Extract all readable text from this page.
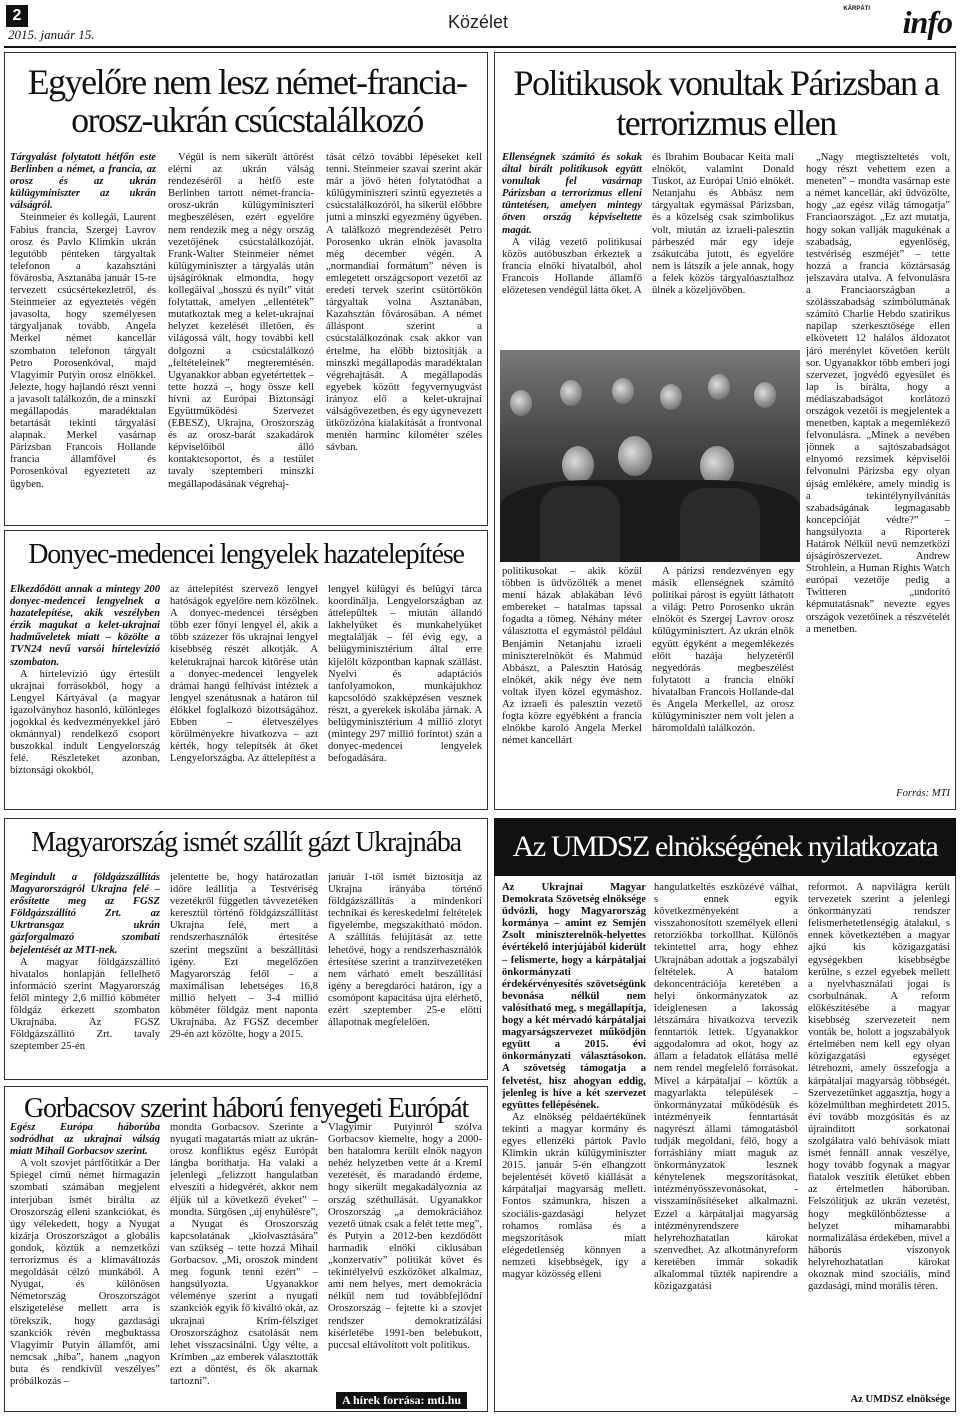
2
2015. január 15.
Közélet
KÁRPÁTI info
Egyelőre nem lesz német-francia-orosz-ukrán csúcstalálkozó
Tárgyalást folytatott hétfőn este Berlinben a német, a francia, az orosz és az ukrán külügyminiszter az ukrán válságról.

Steinmeier és kollegái, Laurent Fabius francia, Szergej Lavrov orosz és Pavlo Klimkin ukrán legutóbb pénteken tárgyaltak telefonon a kazahsztáni fővárosba, Asztanába január 15-re tervezett csúcsértekezletről, és Steinmeier az egyeztetés végén javasolta, hogy személyesen tárgyaljanak tovább. Angela Merkel német kancellár szombaton telefonon tárgyalt Petro Porosenkóval, majd Vlagyimir Putyin orosz elnökkel. Jelezte, hogy hajlandó részt venni a javasolt találkozón, de a minszki megállapodás maradéktalan betartását tekinti tárgyalási alapnak. Merkel vasárnap Párizsban Francois Hollande francia államfővel és Porosenkóval egyeztetett az ügyben.

Végül is nem sikerült áttörést elérni az ukrán válság rendezéséről a hétfő este Berlinben tartott német-francia-orosz-ukrán külügyminiszteri megbeszélésen, ezért egyelőre nem rendezik meg a négy ország vezetőjének csúcstalálkozóját. Frank-Walter Steinmeier német külügyminiszter a tárgyalás után újságíróknak elmondta, hogy kollegáival „hosszú és nyílt” vitát folytattak, amelyen „ellentétek” mutatkoztak meg a kelet-ukrajnai helyzet kezelését illetően, és világossá vált, hogy további kell dolgozni a csúcstalálkozó „feltételeinek” megteremtésén. Ugyanakkor abban egyetértettek – tette hozzá –, hogy össze kell hívni az Európai Biztonsági Együttműködési Szervezet (EBESZ), Ukrajna, Oroszország és az orosz-barát szakadárok képviselőiből álló kontaktcsoportot, és a testület tavaly szeptemberi minszki megállapodásának végrehaj-

tását célzó további lépéseket kell tenni. Steinmeier szavai szerint akár már a jövő héten folytatódhat a külügyminiszteri szintű egyeztetés a csúcstalálkozóról, ha sikerül előbbre jutni a minszki egyezmény ügyében. A találkozó megrendezését Petro Porosenko ukrán elnök javasolta még december végén. A „normandiai formátum” néven is emlegetett országcsoport vezetői az eredeti tervek szerint csütörtökön tárgyaltak volna Asztanában, Kazahsztán fővárosában. A német álláspont szerint a csúcstalálkozónak csak akkor van értelme, ha előbb biztosítják a minszki megállapodás maradéktalan végrehajtását. A megállapodás egyebek között fegyvernyugvást irányoz elő a kelet-ukrajnai válságövezetben, és egy úgynevezett ütközőzóna kialakítását a frontvonal mentén harminc kilométer széles sávban.

Politikusok vonultak Párizsban a terrorizmus ellen
Ellenségnek számító és sokak által bírált politikusok együtt vonultak fel vasárnap Párizsban a terrorizmus elleni tüntetésen, amelyen mintegy ötven ország képviseltette magát.

A világ vezető politikusai közös autóbuszban érkeztek a francia elnöki hivatalból, ahol Francois Hollande államfő előzetesen vendégül látta őket. A

és Ibrahim Boubacar Keita mali elnököt, valamint Donald Tuskot, az Európai Unió elnökét. Netanjahu és Abbász nem tárgyaltak egymással Párizsban, és a közelség csak szimbolikus volt, miután az izraeli-palesztin párbeszéd már egy ideje zsákutcába jutott, és egyelőre nem is látszik a jele annak, hogy a felek közös tárgyalóasztalhoz ülnek a közeljövőben.

politikusokat – akik közül többen is üdvözölték a menet mentí házak ablakában lévő embereket – hatalmas tapssal fogadta a tömeg. Néhány méter választotta el egymástól például Benjámin Netanjahu izraeli miniszterelnököt és Mahmúd Abbászt, a Palesztin Hatóság elnökét, akik négy éve nem voltak ilyen közel egymáshoz. Az izraeli és palesztin vezető fogta közre egyébként a francia elnökbe karoló Angela Merkel német kancellárt

A párizsi rendezvényen egy másik ellenségnek számító politikai párost is együtt láthatott a világ: Petro Porosenko ukrán elnököt és Szergej Lavrov orosz külügyminisztert. Az ukrán elnök együtt égyként a megemlékezés előtt hazája helyzetéről negyedórás megbeszélést folytatott a francia elnöki hivatalban Francois Hollande-dal és Angela Merkellel, az orosz külügyminiszter nem volt jelen a háromoldalú találkozón.

„Nagy megtiszteltetés volt, hogy részt vehettem ezen a meneten” – mondta vasárnap este a német kancellár, aki üdvözölte, hogy „az egész világ támogatja” Franciaországot. „Ez azt mutatja, hogy sokan vallják magukénak a szabadság, egyenlőség, testvériség eszméjét” – tette hozzá a francia köztársaság jelszavára utalva. A felvonulásra a Franciaországban a szólásszabadság szimbólumának számító Charlie Hebdo szatirikus napilap szerkesztősége ellen elkövetett 12 halálos áldozatot járó merénylet követően került sor. Ugyanakkor több emberi jogi szervezet, jogvédő egyesület és lap is bírálta, hogy a médiaszabadságot korlátozó országok vezetői is megjelentek a menetben, kaptak a megemlékező felvonulásra. „Minek a nevében jönnek a sajtószabadságot elnyomó rezsimek képviselői felvonulni Párizsba egy olyan újság emlékére, amely mindig is a tekintélynyilvánítás szabadságának legmagasabb koncepcióját védte?” – hangsúlyozta a Riporterek Határok Nélkül nevű nemzetközi újságírószervezet. Andrew Strohlein, a Human Rights Watch európai vezetője pedig a Twitteren „undorító képmutatásnak” nevezte egyes országok vezetőinek a részvételét a menetben.

Forrás: MTI
Donyec-medencei lengyelek hazatelepítése
Elkezdődött annak a mintegy 200 donyec-medencei lengyelnek a hazatelepítése, akik veszélyben érzik magukat a kelet-ukrajnai hadműveletek miatt – közölte a TVN24 nevű varsói hírtelevízió szombaton.

A hírtelevízió úgy értesült ukrajnai forrásokból, hogy a Lengyel Kártyával (a magyar igazolványhoz hasonló, különleges jogokkal és kedvezményekkel járó okmánnyal) rendelkező csoport buszokkal indult Lengyelország felé. Részleteket azonban, biztonsági okokból,

az áttelepítést szervező lengyel hatóságok egyelőre nem közölnek. A donyec-medencei térségben több ezer főnyi lengyel él, akik a több százezer fős ukrajnai lengyel kisebbség részét alkotják. A keletukrajnai harcok kitörése után a donyec-medencei lengyelek drámai hangú felhívást intéztek a lengyel szenátusnak a határon túl élőkkel foglalkozó bizottságához. Ebben – életveszélyes körülményekre hivatkozva – azt kérték, hogy telepítsék át őket Lengyelországba. Az áttelepítést a

lengyel külügyi és belügyi tárca koordinálja. Lengyelországban az áttelepültek – miután állandó lakhelyüket és munkahelyüket megtalálják – fél évig egy, a belügyminisztérium által erre kijelölt központban kapnak szállást. Nyelvi és adaptációs tanfolyamokon, munkájukhoz kapcsolódó szakképzésen vesznek részt, a gyerekek iskolába járnak. A belügyminisztérium 4 millió zlotyt (mintegy 297 millió forintot) szán a donyec-medencei lengyelek befogadására.

Magyarország ismét szállít gázt Ukrajnába
Megindult a földgázszállítás Magyarországról Ukrajna felé – erősítette meg az FGSZ Földgázszállító Zrt. az Ukrtransgaz ukrán gázforgalmazó szombati bejelentését az MTI-nek.

A magyar földgázszállító hivatalos honlapján fellelhető információ szerint Magyarország felől mintegy 2,6 millió köbméter földgáz érkezett szombaton Ukrajnába. Az FGSZ Földgázszállító Zrt. tavaly szeptember 25-én

jelentette be, hogy határozatlan időre leállítja a Testvériség vezetékről független távvezetéken keresztül történő földgázszállítást Ukrajna felé, mert a rendszerhasználók értesítése szerint megszűnt a beszállítási igény. Ezt megelőzően Magyarország felől – a maximálisan lehetséges 16,8 millió helyett – 3-4 millió köbméter földgáz ment naponta Ukrajnába. Az FGSZ december 29-én azt közölte, hogy a 2015.

január 1-től ismét biztosítja az Ukrajna irányába történő földgázszállítás a mindenkori technikai és kereskedelmi feltételek figyelembe, megszakítható módon. A szállítás felújítását az tette lehetővé, hogy a rendszerhasználók értesítése szerint a tranzitvezetéken nem várható emelt beszállítási igény a beregdaróci határon, így a csomópont kapacitása újra elérhető, ezért szeptember 25-e előtti állapotnak megfelelően.

Gorbacsov szerint háború fenyegeti Európát
Egész Európa háborúba sodródhat az ukrajnai válság miatt Mihail Gorbacsov szerint.

A volt szovjet pártfőtitkár a Der Spiegel című német hírmagazin szombati számában megjelent interjúban ismét bírálta az Oroszország elleni szankciókat, és úgy vélekedett, hogy a Nyugat kizárja Oroszországot a globális gondok, köztük a nemzetközi terrorizmus és a klímaváltozás megoldását célzó munkából. A Nyugat, és különösen Németország Oroszországot elszigetelése mellett arra is törekszik, hogy gazdasági szankciók révén megbuktassa Vlagyimir Putyin államfőt, ami nemcsak „hiba”, hanem „nagyon buta és rendkívül veszélyes” próbálkozás –

mondta Gorbacsov. Szerinte a nyugati magatartás miatt az ukrán-orosz konfliktus egész Európát lángba boríthatja. Ha valaki a jelenlegi „felizzott hangulatban elveszíti a hidegvérét, akkor nem éljük túl a következő éveket” – mondta. Sürgősen „új enyhülésre”, a Nyugat és Oroszország kapcsolatának „kiolvasztására” van szükség – tette hozzá Mihail Gorbacsov. „Mi, oroszok mindent meg fogunk tenni ezért” – hangsúlyozta. Ugyanakkor véleménye szerint a nyugati szankciók egyik fő kiváltó okát, az ukrajnai Krím-félsziget Oroszországhoz csatolását nem lehet visszacsinálni. Úgy vélte, a Krímben „az emberek választották ezt a döntést, és ők akarnak tartozni”.

Vlagyimir Putyinról szólva Gorbacsov kiemelte, hogy a 2000-ben hatalomra került elnök nagyon nehéz helyzetben vette át a Kreml vezetését, és maradandó érdeme, hogy sikerült megakadályoznia az ország széthullását. Ugyanakkor Oroszország „a demokráciához vezető útnak csak a felét tette meg”, és Putyin a 2012-ben kezdődött harmadik elnöki ciklusában „konzervatív” politikát követ és tekintélyelvű eszközöket alkalmaz, ami nem helyes, mert demokrácia nélkül nem tud továbbfejlődni Oroszország – fejtette ki a szovjet rendszer demokratizálási kísérletébe 1991-ben belebukott, puccsal eltávolított volt politikus.

A hírek forrása: mti.hu
Az UMDSZ elnökségének nyilatkozata
Az Ukrajnai Magyar Demokrata Szövetség elnöksége üdvözli, hogy Magyarország kormánya – amint ez Semjén Zsolt miniszterelnök-helyettes évértékelő interjújából kiderült – felismerte, hogy a kárpátaljai önkormányzati érdekérvényesítés szövetségünk bevonása nélkül nem valósítható meg, s megállapítja, hogy a két mérvadó kárpátaljai magyarságszervezet működjön együtt a 2015. évi önkormányzati választásokon. A szövetség támogatja a felvetést, hisz ahogyan eddig, jelenleg is híve a két szervezet együttes fellépésének.

Az elnökség példaértékűnek tekinti a magyar kormány és egyes ellenzéki pártok Pavlo Klimkin ukrán külügyminiszter 2015. január 5-én elhangzott bejelentését követő kiállását a kárpátaljai magyarság mellett. Fontos számunkra, hiszen a szociális-gazdasági helyzet rohamos romlása és a megszorítások miatt elégedetlenség könnyen a nemzeti kisebbségek, így a magyar közösség elleni

hangulatkeltés eszközévé válhat, s ennek egyik következményeként a visszahonosított személyek elleni retorziókba torkollhat. Különös tekintettel arra, hogy ehhez Ukrajnában adottak a jogszabályi feltételek. A hatalom dekoncentrációja keretében a helyi önkormányzatok az ideiglenesen a lakosság létszámára hivatkozva tervezik fenntartók lettek. Ugyanakkor aggodalomra ad okot, hogy az állam a feladatok ellátása mellé nem rendel megfelelő forrásokat. Mivel a kárpátaljai – köztük a magyarlakta települések – önkormányzatai működésük és intézményeik fenntartását nagyrészt állami támogatásból tudják megoldani, félő, hogy a forráshiány miatt maguk az önkormányzatok lesznek kénytelenek megszorításokat, intézményösszevonásokat, -visszaminősítéseket alkalmazni. Ezzel a kárpátaljai magyarság intézményrendszere helyrehozhatatlan károkat szenvedhet. Az alkotmányreform keretében immár sokadik alkalommal tűzték napirendre a közigazgatási

reformot. A napvilágra került tervezetek szerint a jelenlegi önkormányzati rendszer felismerhetetlenségig átalakul, s ennek következtében a magyar ajkú kis közigazgatási egységekben kisebbségbe kerülne, s ezzel egyebek mellett a nyelvhasználati jogai is csorbulnának. A reform előkészítésébe a magyar kisebbség szervezeteit nem vonták be, holott a jogszabályok értelmében nem kell egy olyan közigazgatási egységet létrehozni, amely összefogja a kárpátaljai magyarság többségét. Szervezetünket aggasztja, hogy a közelmúltban meghirdetett 2015. évi tovább mozgósítás és az újraindított sorkatonai szolgálatra való behívások miatt ismét fennáll annak veszélye, hogy tovább fogynak a magyar fiatalok veszítik életüket ebben az értelmetlen háborúban. Felszólítjuk az ukrán vezetést, hogy megkülönböztesse a helyzet mihamarabbi normalizálása érdekében, mivel a háborús viszonyok helyrehozhatatlan károkat okoznak mind szociális, mind gazdasági, mind morális téren.

Az UMDSZ elnöksége
